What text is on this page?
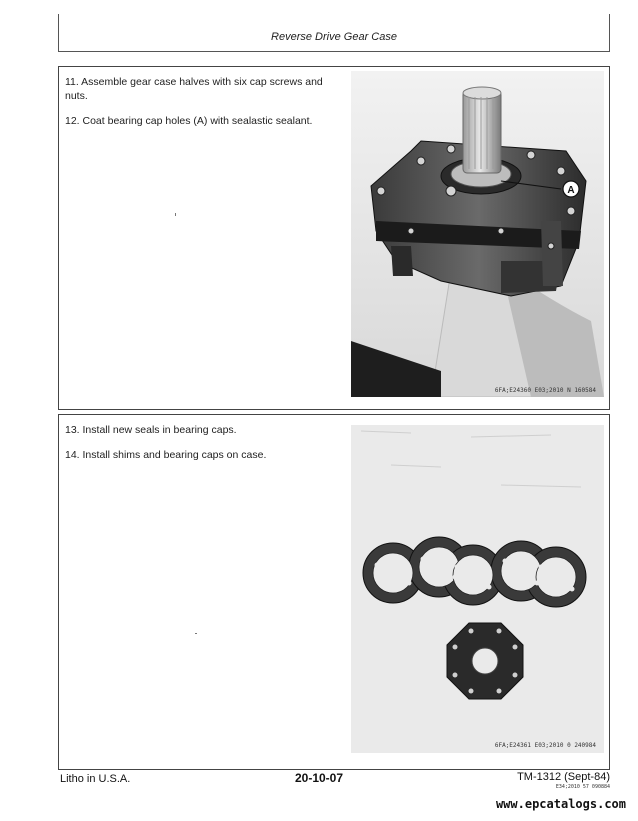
Reverse Drive Gear Case

11. Assemble gear case halves with six cap screws and nuts.

12. Coat bearing cap holes (A) with sealastic sealant.

A
6FA;E24360 E03;2010 N 160584

13. Install new seals in bearing caps.

14. Install shims and bearing caps on case.

6FA;E24361 E03;2010 0 240984
Litho in U.S.A.	20-10-07	TM-1312 (Sept-84)
E34;2010 57 090884
www.epcatalogs.com
